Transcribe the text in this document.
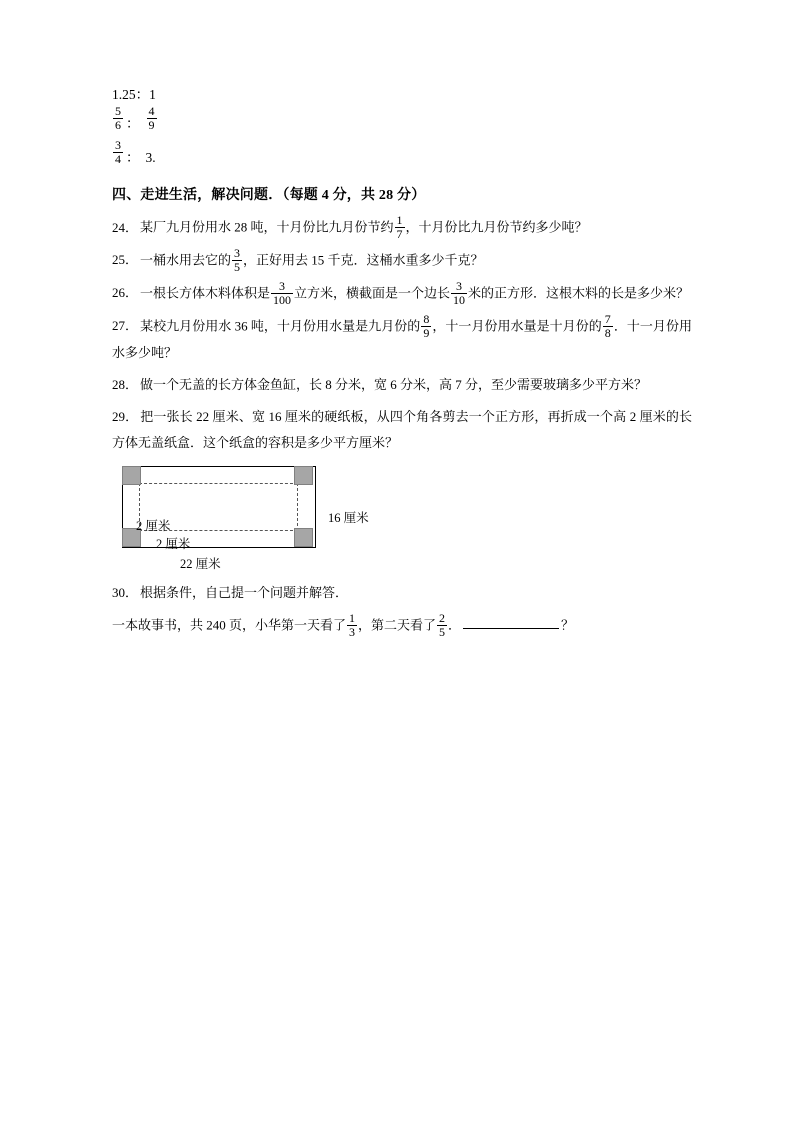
1.25：1
$\frac{5}{6}$ ： $\frac{4}{9}$
$\frac{3}{4}$ ： 3.
四、走进生活，解决问题．（每题 4 分，共 28 分）
24． 某厂九月份用水 28 吨，十月份比九月份节约 $\frac{1}{7}$ ，十月份比九月份节约多少吨？
25． 一桶水用去它的 $\frac{3}{5}$ ，正好用去 15 千克．这桶水重多少千克？
26． 一根长方体木料体积是 $\frac{3}{100}$ 立方米，横截面是一个边长 $\frac{3}{10}$ 米的正方形．这根木料的长是多少米？
27． 某校九月份用水 36 吨，十月份用水量是九月份的 $\frac{8}{9}$ ，十一月份用水量是十月份的 $\frac{7}{8}$ ．十一月份用水多少吨？
28． 做一个无盖的长方体金鱼缸，长 8 分米，宽 6 分米，高 7 分，至少需要玻璃多少平方米？
29． 把一张长 22 厘米、宽 16 厘米的硬纸板，从四个角各剪去一个正方形，再折成一个高 2 厘米的长方体无盖纸盒．这个纸盒的容积是多少平方厘米？
2 厘米
2 厘米
16 厘米
22 厘米
30． 根据条件，自己提一个问题并解答．
一本故事书，共 240 页，小华第一天看了 $\frac{1}{3}$ ，第二天看了 $\frac{2}{5}$ ．	？
